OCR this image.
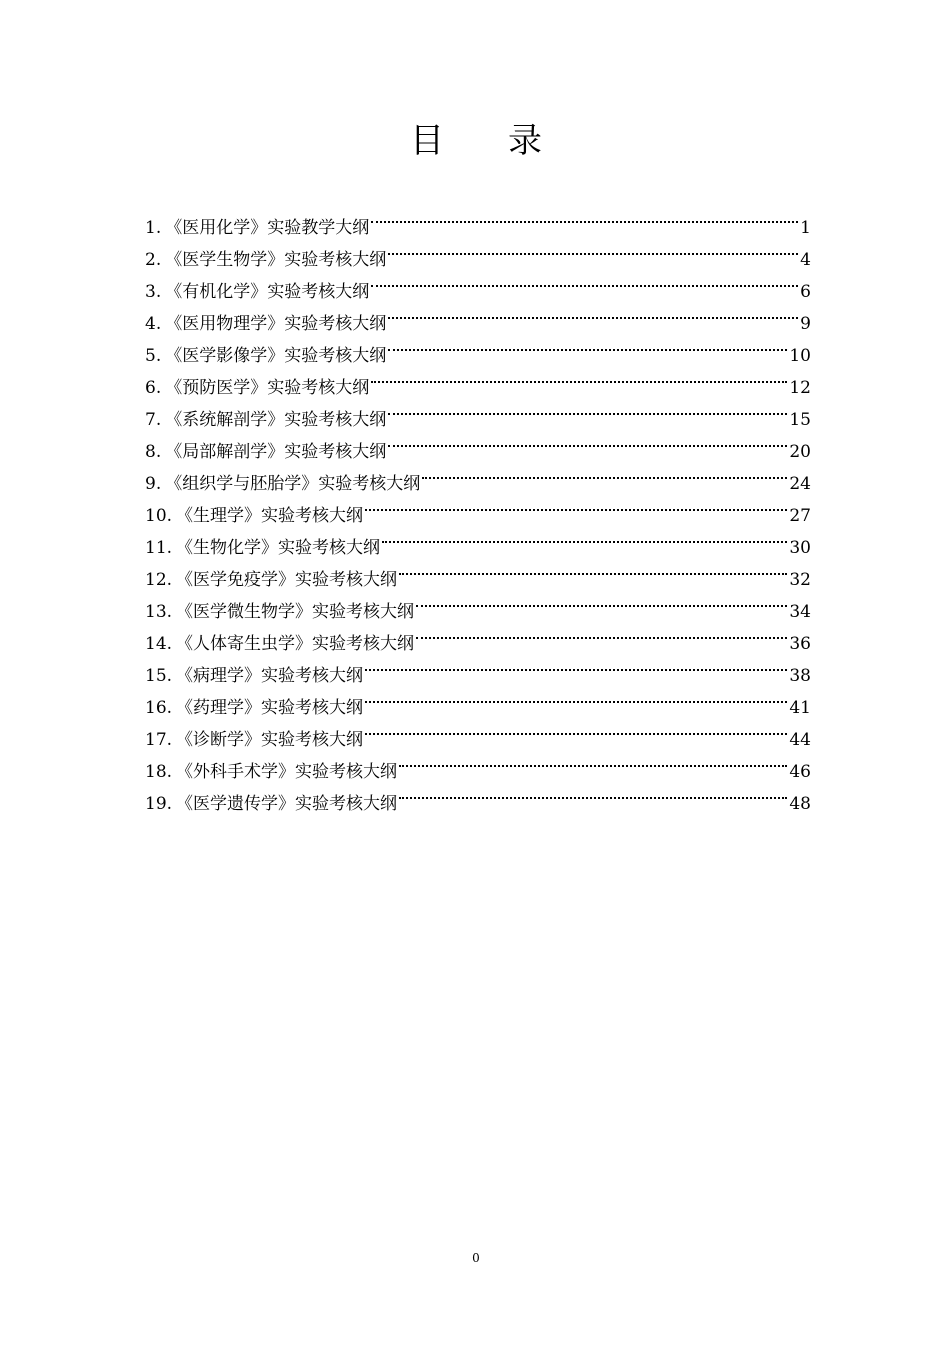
目 录
1. 《医用化学》实验教学大纲	1
2. 《医学生物学》实验考核大纲	4
3. 《有机化学》实验考核大纲	6
4. 《医用物理学》实验考核大纲	9
5. 《医学影像学》实验考核大纲	10
6. 《预防医学》实验考核大纲	12
7. 《系统解剖学》实验考核大纲	15
8. 《局部解剖学》实验考核大纲	20
9. 《组织学与胚胎学》实验考核大纲	24
10. 《生理学》实验考核大纲	27
11. 《生物化学》实验考核大纲	30
12. 《医学免疫学》实验考核大纲	32
13. 《医学微生物学》实验考核大纲	34
14. 《人体寄生虫学》实验考核大纲	36
15. 《病理学》实验考核大纲	38
16. 《药理学》实验考核大纲	41
17. 《诊断学》实验考核大纲	44
18. 《外科手术学》实验考核大纲	46
19. 《医学遗传学》实验考核大纲	48
0
